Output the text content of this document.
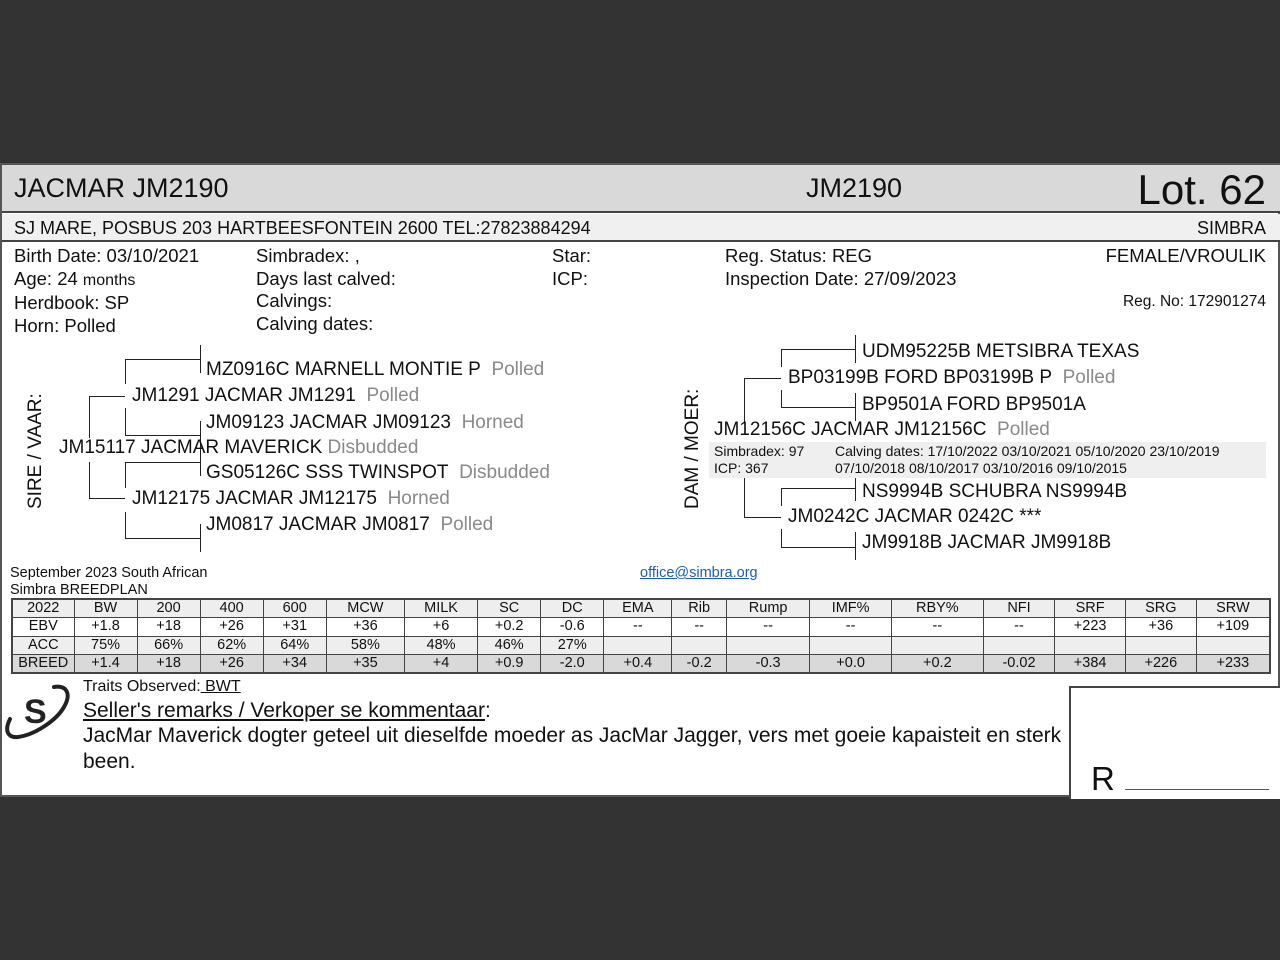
JACMAR JM2190	JM2190	Lot. 62
SJ MARE, POSBUS 203 HARTBEESFONTEIN 2600 TEL:27823884294	SIMBRA
Birth Date: 03/10/2021
Age: 24 months
Herdbook: SP
Horn: Polled
Simbradex: ,
Days last calved:
Calvings:
Calving dates:
Star:
ICP:
Reg. Status: REG
Inspection Date: 27/09/2023
FEMALE/VROULIK
Reg. No: 172901274
SIRE / VAAR:
MZ0916C MARNELL MONTIE P Polled
JM1291 JACMAR JM1291 Polled
JM09123 JACMAR JM09123 Horned
JM15117 JACMAR MAVERICK Disbudded
GS05126C SSS TWINSPOT Disbudded
JM12175 JACMAR JM12175 Horned
JM0817 JACMAR JM0817 Polled
DAM / MOER:
UDM95225B METSIBRA TEXAS
BP03199B FORD BP03199B P Polled
BP9501A FORD BP9501A
JM12156C JACMAR JM12156C Polled
Simbradex: 97
ICP: 367
Calving dates: 17/10/2022 03/10/2021 05/10/2020 23/10/2019
07/10/2018 08/10/2017 03/10/2016 09/10/2015
NS9994B SCHUBRA NS9994B
JM0242C JACMAR 0242C ***
JM9918B JACMAR JM9918B
September 2023 South African
Simbra BREEDPLAN
office@simbra.org
2022	BW	200	400	600	MCW	MILK	SC	DC	EMA	Rib	Rump	IMF%	RBY%	NFI	SRF	SRG	SRW
EBV	+1.8	+18	+26	+31	+36	+6	+0.2	-0.6	--	--	--	--	--	--	+223	+36	+109
ACC	75%	66%	62%	64%	58%	48%	46%	27%									
BREED	+1.4	+18	+26	+34	+35	+4	+0.9	-2.0	+0.4	-0.2	-0.3	+0.0	+0.2	-0.02	+384	+226	+233
S
Traits Observed: BWT
Seller's remarks / Verkoper se kommentaar:
JacMar Maverick dogter geteel uit dieselfde moeder as JacMar Jagger, vers met goeie kapaisteit en sterk been.	R
